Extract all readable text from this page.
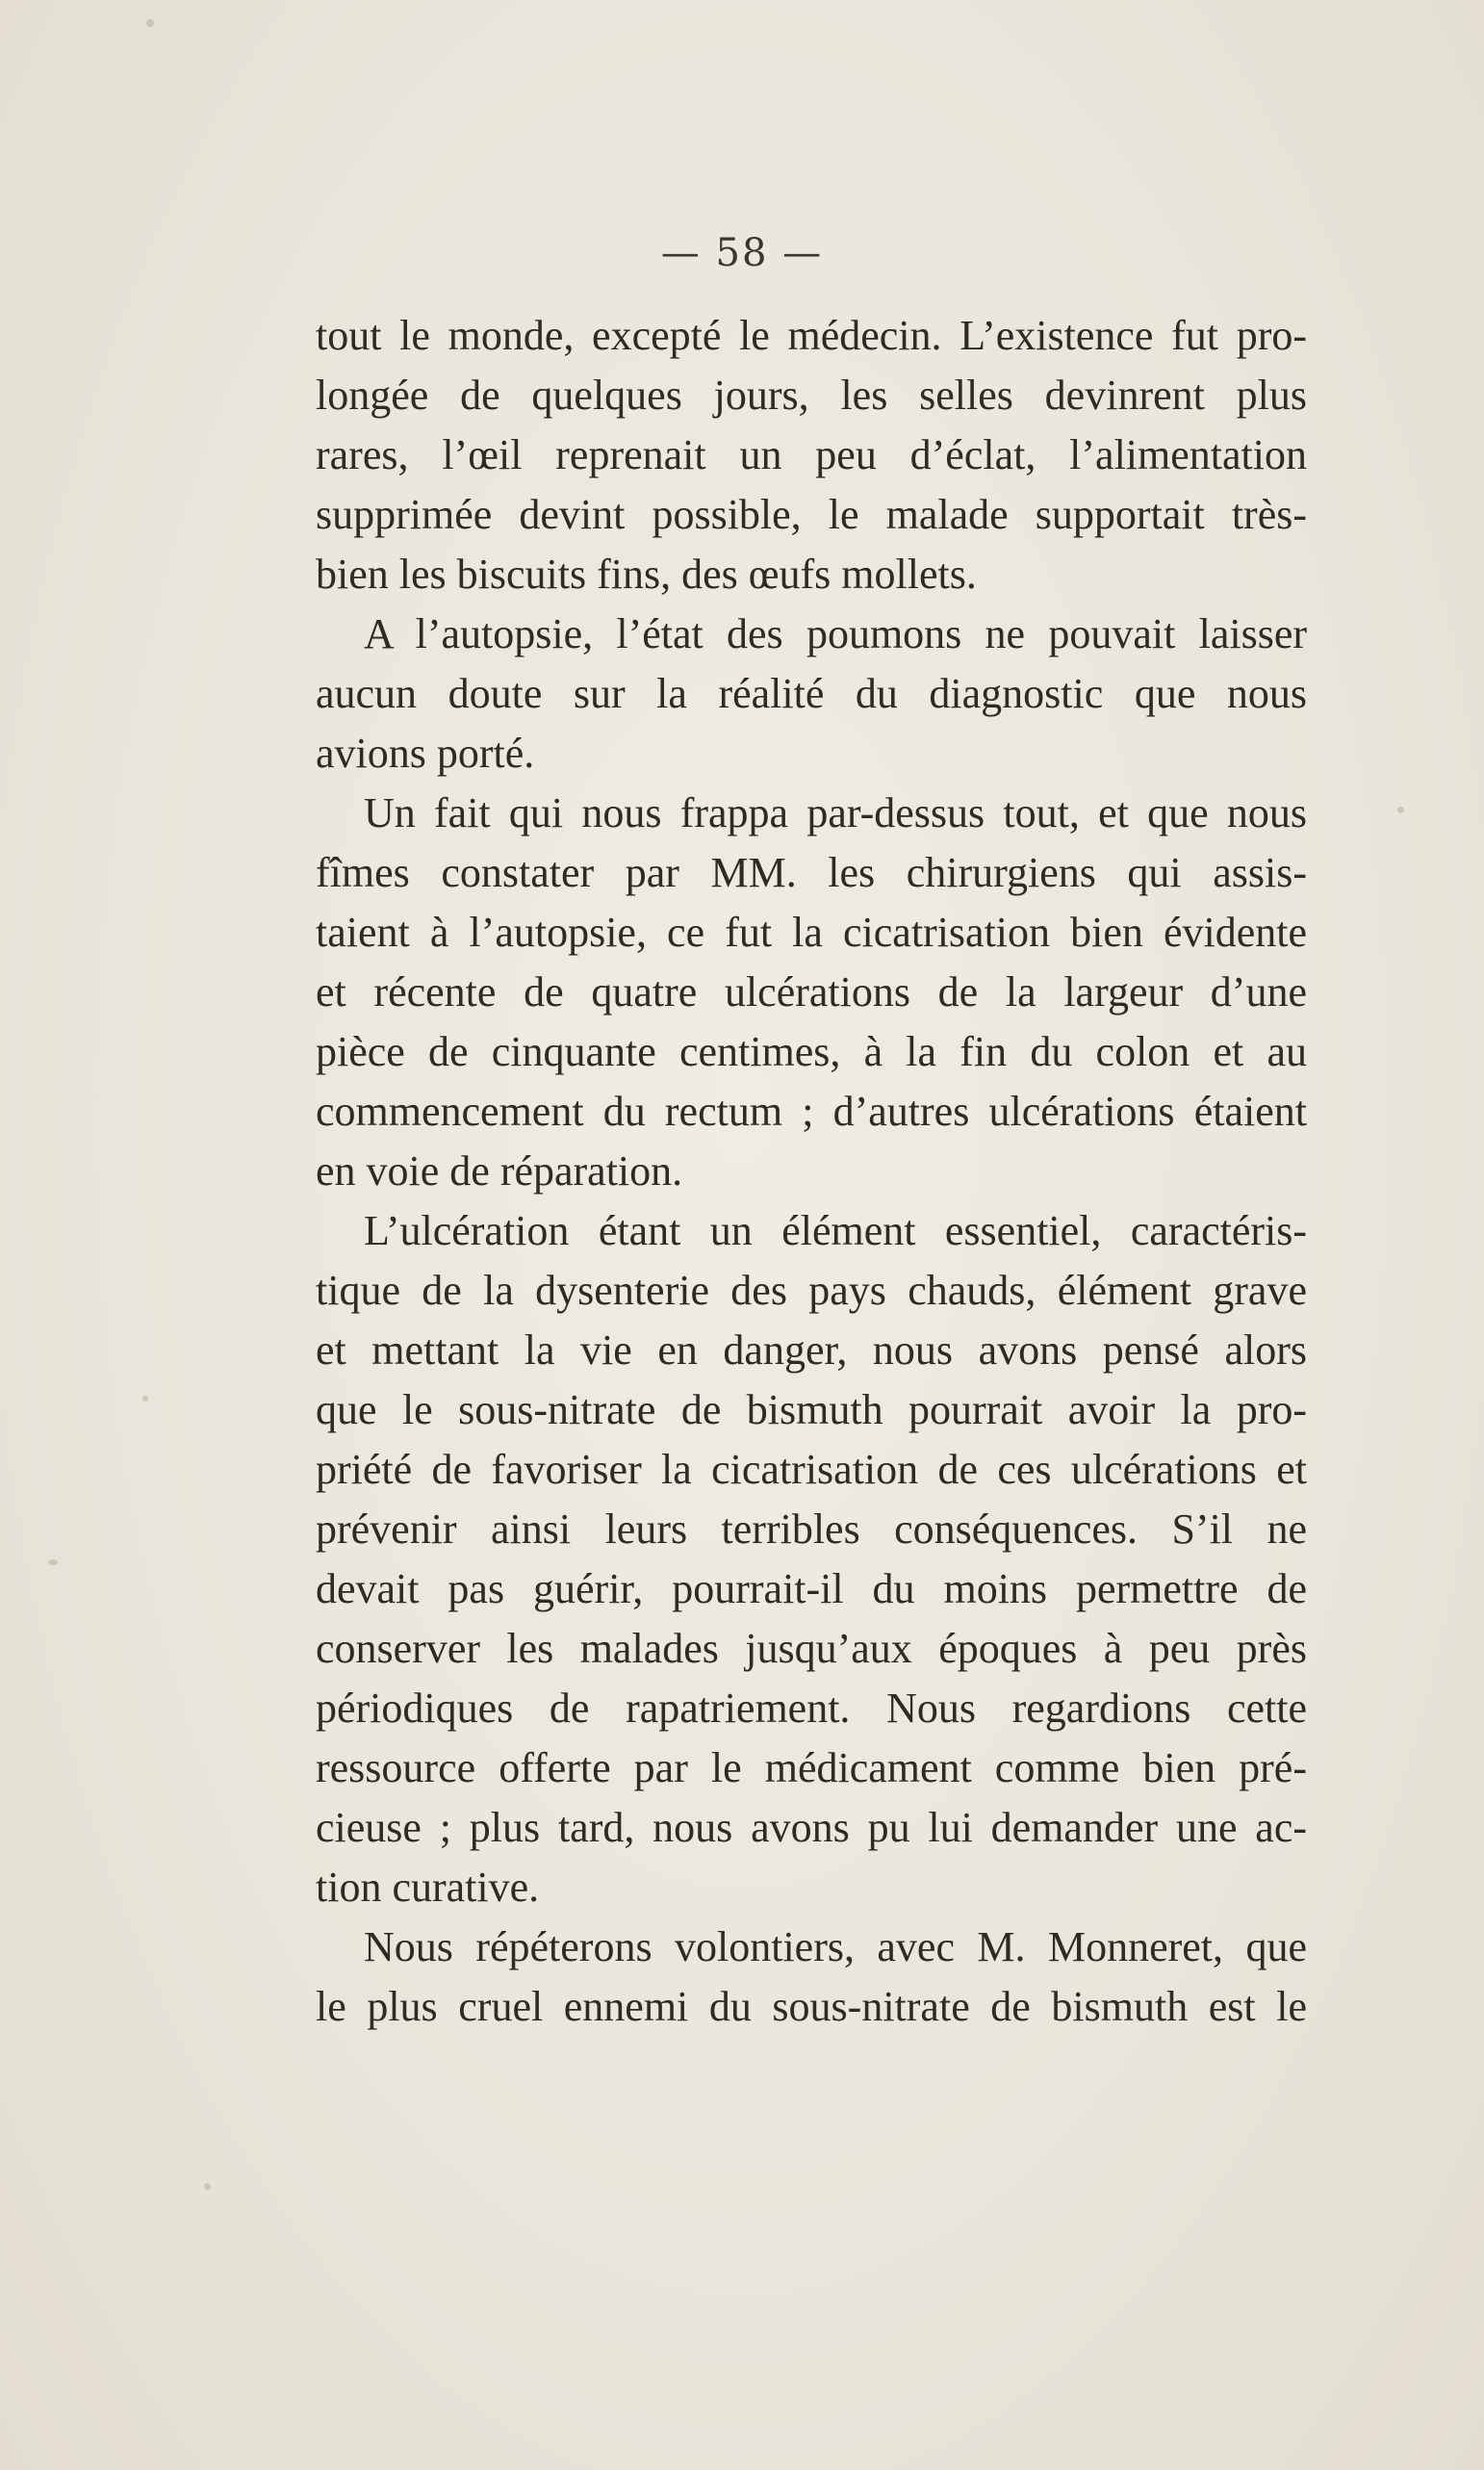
— 58 —
tout le monde, excepté le médecin. L’existence fut pro-
longée de quelques jours, les selles devinrent plus
rares, l’œil reprenait un peu d’éclat, l’alimentation
supprimée devint possible, le malade supportait très-
bien les biscuits fins, des œufs mollets.
A l’autopsie, l’état des poumons ne pouvait laisser
aucun doute sur la réalité du diagnostic que nous
avions porté.
Un fait qui nous frappa par-dessus tout, et que nous
fîmes constater par MM. les chirurgiens qui assis-
taient à l’autopsie, ce fut la cicatrisation bien évidente
et récente de quatre ulcérations de la largeur d’une
pièce de cinquante centimes, à la fin du colon et au
commencement du rectum ; d’autres ulcérations étaient
en voie de réparation.
L’ulcération étant un élément essentiel, caractéris-
tique de la dysenterie des pays chauds, élément grave
et mettant la vie en danger, nous avons pensé alors
que le sous-nitrate de bismuth pourrait avoir la pro-
priété de favoriser la cicatrisation de ces ulcérations et
prévenir ainsi leurs terribles conséquences. S’il ne
devait pas guérir, pourrait-il du moins permettre de
conserver les malades jusqu’aux époques à peu près
périodiques de rapatriement. Nous regardions cette
ressource offerte par le médicament comme bien pré-
cieuse ; plus tard, nous avons pu lui demander une ac-
tion curative.
Nous répéterons volontiers, avec M. Monneret, que
le plus cruel ennemi du sous-nitrate de bismuth est le
